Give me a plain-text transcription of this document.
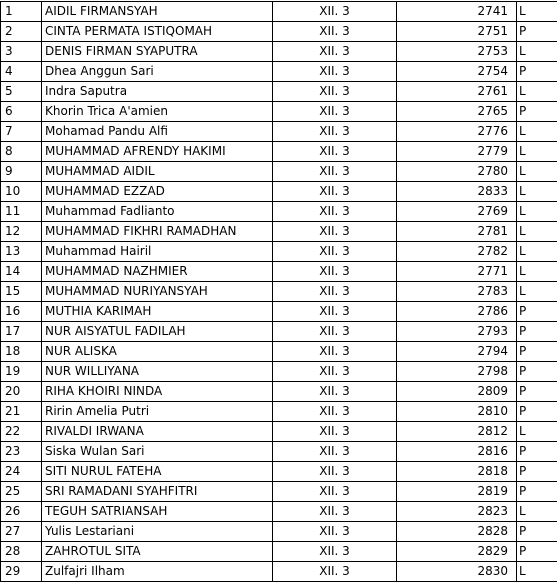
1	AIDIL FIRMANSYAH	XII. 3	2741	L
2	CINTA PERMATA ISTIQOMAH	XII. 3	2751	P
3	DENIS FIRMAN SYAPUTRA	XII. 3	2753	L
4	Dhea Anggun Sari	XII. 3	2754	P
5	Indra Saputra	XII. 3	2761	L
6	Khorin Trica A'amien	XII. 3	2765	P
7	Mohamad Pandu Alfi	XII. 3	2776	L
8	MUHAMMAD AFRENDY HAKIMI	XII. 3	2779	L
9	MUHAMMAD AIDIL	XII. 3	2780	L
10	MUHAMMAD EZZAD	XII. 3	2833	L
11	Muhammad Fadlianto	XII. 3	2769	L
12	MUHAMMAD FIKHRI RAMADHAN	XII. 3	2781	L
13	Muhammad Hairil	XII. 3	2782	L
14	MUHAMMAD NAZHMIER	XII. 3	2771	L
15	MUHAMMAD NURIYANSYAH	XII. 3	2783	L
16	MUTHIA KARIMAH	XII. 3	2786	P
17	NUR AISYATUL FADILAH	XII. 3	2793	P
18	NUR ALISKA	XII. 3	2794	P
19	NUR WILLIYANA	XII. 3	2798	P
20	RIHA KHOIRI NINDA	XII. 3	2809	P
21	Ririn Amelia Putri	XII. 3	2810	P
22	RIVALDI IRWANA	XII. 3	2812	L
23	Siska Wulan Sari	XII. 3	2816	P
24	SITI NURUL FATEHA	XII. 3	2818	P
25	SRI RAMADANI SYAHFITRI	XII. 3	2819	P
26	TEGUH SATRIANSAH	XII. 3	2823	L
27	Yulis Lestariani	XII. 3	2828	P
28	ZAHROTUL SITA	XII. 3	2829	P
29	Zulfajri Ilham	XII. 3	2830	L
